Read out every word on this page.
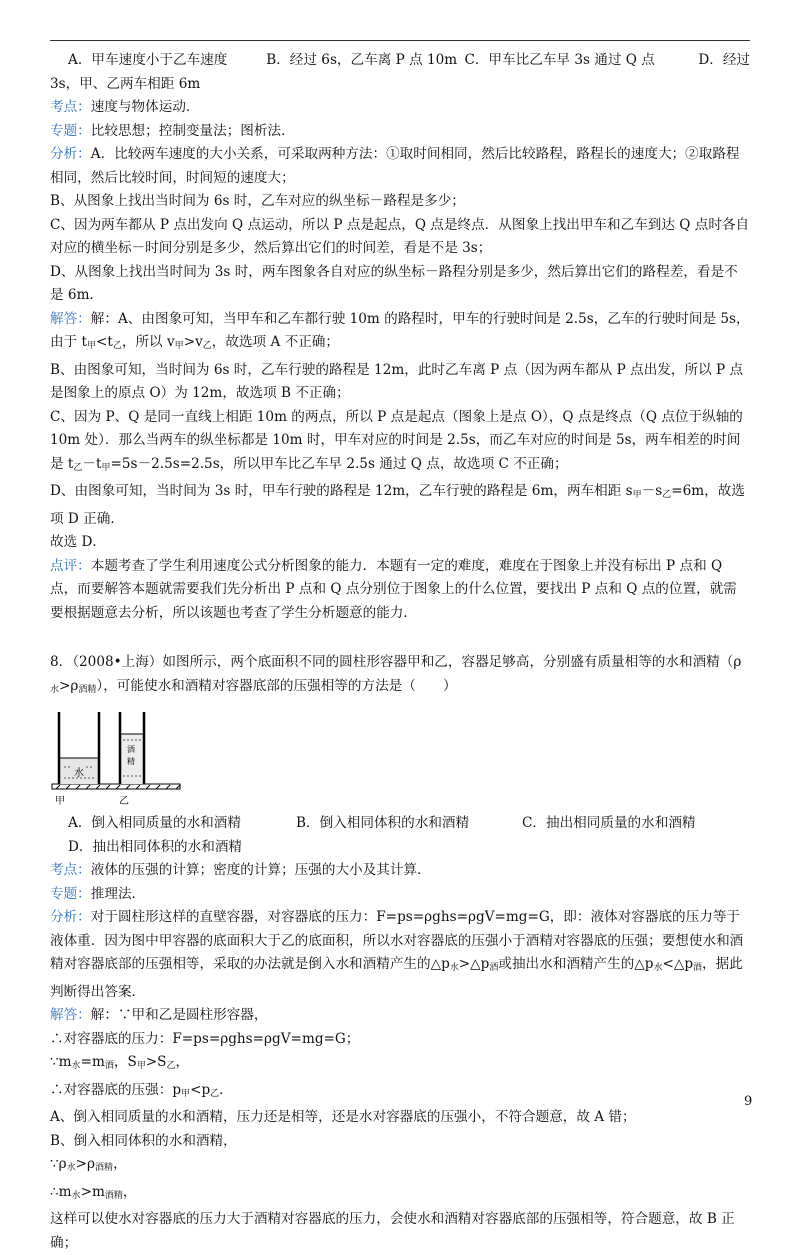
A．甲车速度小于乙车速度	B．经过 6s，乙车离 P 点 10m C．甲车比乙车早 3s 通过 Q 点	D．经过

3s，甲、乙两车相距 6m

考点：速度与物体运动．

专题：比较思想；控制变量法；图析法．

分析：A．比较两车速度的大小关系，可采取两种方法：①取时间相同，然后比较路程，路程长的速度大；②取路程相同，然后比较时间，时间短的速度大；

B、从图象上找出当时间为 6s 时，乙车对应的纵坐标－路程是多少；

C、因为两车都从 P 点出发向 Q 点运动，所以 P 点是起点，Q 点是终点．从图象上找出甲车和乙车到达 Q 点时各自对应的横坐标－时间分别是多少，然后算出它们的时间差，看是不是 3s；

D、从图象上找出当时间为 3s 时，两车图象各自对应的纵坐标－路程分别是多少，然后算出它们的路程差，看是不是 6m．

解答：解：A、由图象可知，当甲车和乙车都行驶 10m 的路程时，甲车的行驶时间是 2.5s，乙车的行驶时间是 5s，由于 $t_甲<t_乙$，所以 $v_甲>v_乙$，故选项 A 不正确；

B、由图象可知，当时间为 6s 时，乙车行驶的路程是 12m，此时乙车离 P 点（因为两车都从 P 点出发，所以 P 点是图象上的原点 O）为 12m，故选项 B 不正确；

C、因为 P、Q 是同一直线上相距 10m 的两点，所以 P 点是起点（图象上是点 O），Q 点是终点（Q 点位于纵轴的 10m 处）．那么当两车的纵坐标都是 10m 时，甲车对应的时间是 2.5s，而乙车对应的时间是 5s，两车相差的时间是 $t_乙-t_甲=5s-2.5s=2.5s$，所以甲车比乙车早 2.5s 通过 Q 点，故选项 C 不正确；

D、由图象可知，当时间为 3s 时，甲车行驶的路程是 12m，乙车行驶的路程是 6m，两车相距 $s_甲-s_乙=6m$，故选项 D 正确．

故选 D．

点评：本题考查了学生利用速度公式分析图象的能力．本题有一定的难度，难度在于图象上并没有标出 P 点和 Q 点，而要解答本题就需要我们先分析出 P 点和 Q 点分别位于图象上的什么位置，要找出 P 点和 Q 点的位置，就需要根据题意去分析，所以该题也考查了学生分析题意的能力．

8．（2008•上海）如图所示，两个底面积不同的圆柱形容器甲和乙，容器足够高，分别盛有质量相等的水和酒精$(\rho_水>\rho_{酒精})$，可能使水和酒精对容器底部的压强相等的方法是（　　）

水
酒
精
甲	乙
A．倒入相同质量的水和酒精	B．倒入相同体积的水和酒精	C．抽出相同质量的水和酒精
D．抽出相同体积的水和酒精

考点：液体的压强的计算；密度的计算；压强的大小及其计算．

专题：推理法．

分析：对于圆柱形这样的直壁容器，对容器底的压力：F=ps=ρghs=ρgV=mg=G，即：液体对容器底的压力等于液体重．因为图中甲容器的底面积大于乙的底面积，所以水对容器底的压强小于酒精对容器底的压强；要想使水和酒精对容器底部的压强相等，采取的办法就是倒入水和酒精产生的$\triangle p_水>\triangle p_酒$或抽出水和酒精产生的$\triangle p_水<\triangle p_酒$，据此判断得出答案．

解答：解：∵甲和乙是圆柱形容器，

∴对容器底的压力：F=ps=ρghs=ρgV=mg=G；

$\because m_水=m_酒$，$S_甲>S_乙$，

∴对容器底的压强：$p_甲<p_乙$．

A、倒入相同质量的水和酒精，压力还是相等，还是水对容器底的压强小，不符合题意，故 A 错；

B、倒入相同体积的水和酒精，

$\because\rho_水>\rho_{酒精}$，

$\therefore m_水>m_{酒精}$，

这样可以使水对容器底的压力大于酒精对容器底的压力，会使水和酒精对容器底部的压强相等，符合题意，故 B 正确；

9
